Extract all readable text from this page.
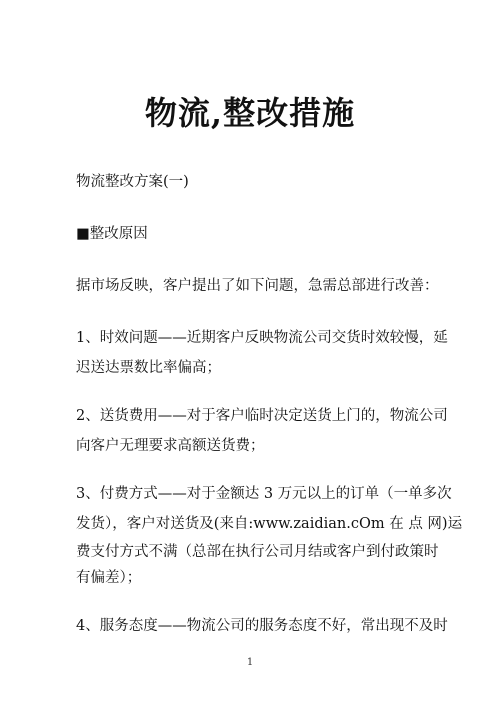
物流,整改措施
物流整改方案(一)
■整改原因
据市场反映，客户提出了如下问题，急需总部进行改善：
1、时效问题——近期客户反映物流公司交货时效较慢，延
迟送达票数比率偏高；
2、送货费用——对于客户临时决定送货上门的，物流公司
向客户无理要求高额送货费；
3、付费方式——对于金额达 3 万元以上的订单（一单多次
发货），客户对送货及(来自:www.zaidian.cOm 在 点 网)运
费支付方式不满（总部在执行公司月结或客户到付政策时
有偏差）；
4、服务态度——物流公司的服务态度不好，常出现不及时
1
